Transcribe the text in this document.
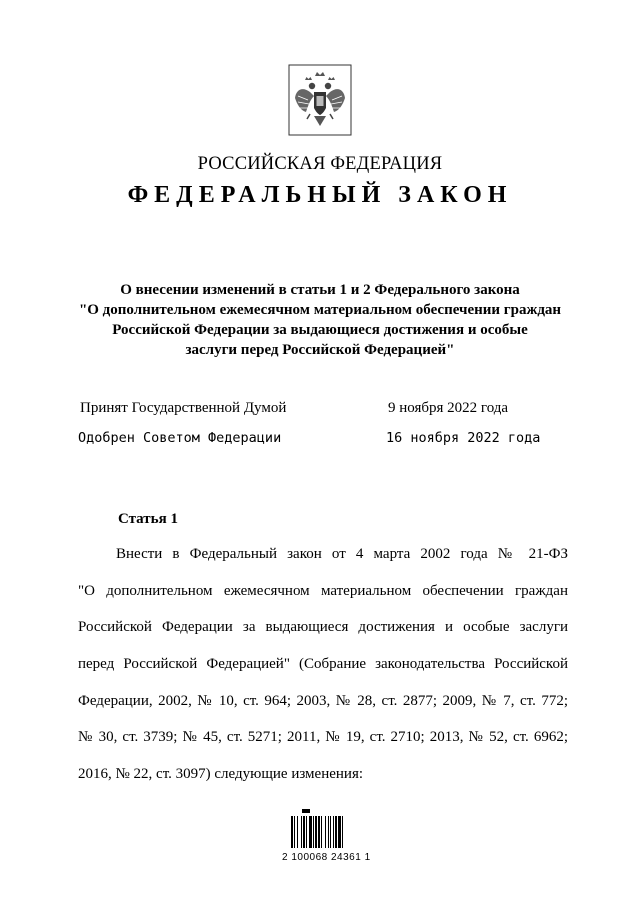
РОССИЙСКАЯ ФЕДЕРАЦИЯ
ФЕДЕРАЛЬНЫЙ ЗАКОН
О внесении изменений в статьи 1 и 2 Федерального закона
"О дополнительном ежемесячном материальном обеспечении граждан
Российской Федерации за выдающиеся достижения и особые
заслуги перед Российской Федерацией"
Принят Государственной Думой	9 ноября 2022 года
Одобрен Советом Федерации	16 ноября 2022 года
Статья 1
Внести в Федеральный закон от 4 марта 2002 года № 21-ФЗ
"О дополнительном ежемесячном материальном обеспечении граждан
Российской Федерации за выдающиеся достижения и особые заслуги
перед Российской Федерацией" (Собрание законодательства Российской
Федерации, 2002, № 10, ст. 964; 2003, № 28, ст. 2877; 2009, № 7, ст. 772;
№ 30, ст. 3739; № 45, ст. 5271; 2011, № 19, ст. 2710; 2013, № 52, ст. 6962;
2016, № 22, ст. 3097) следующие изменения:
2 100068 24361 1
